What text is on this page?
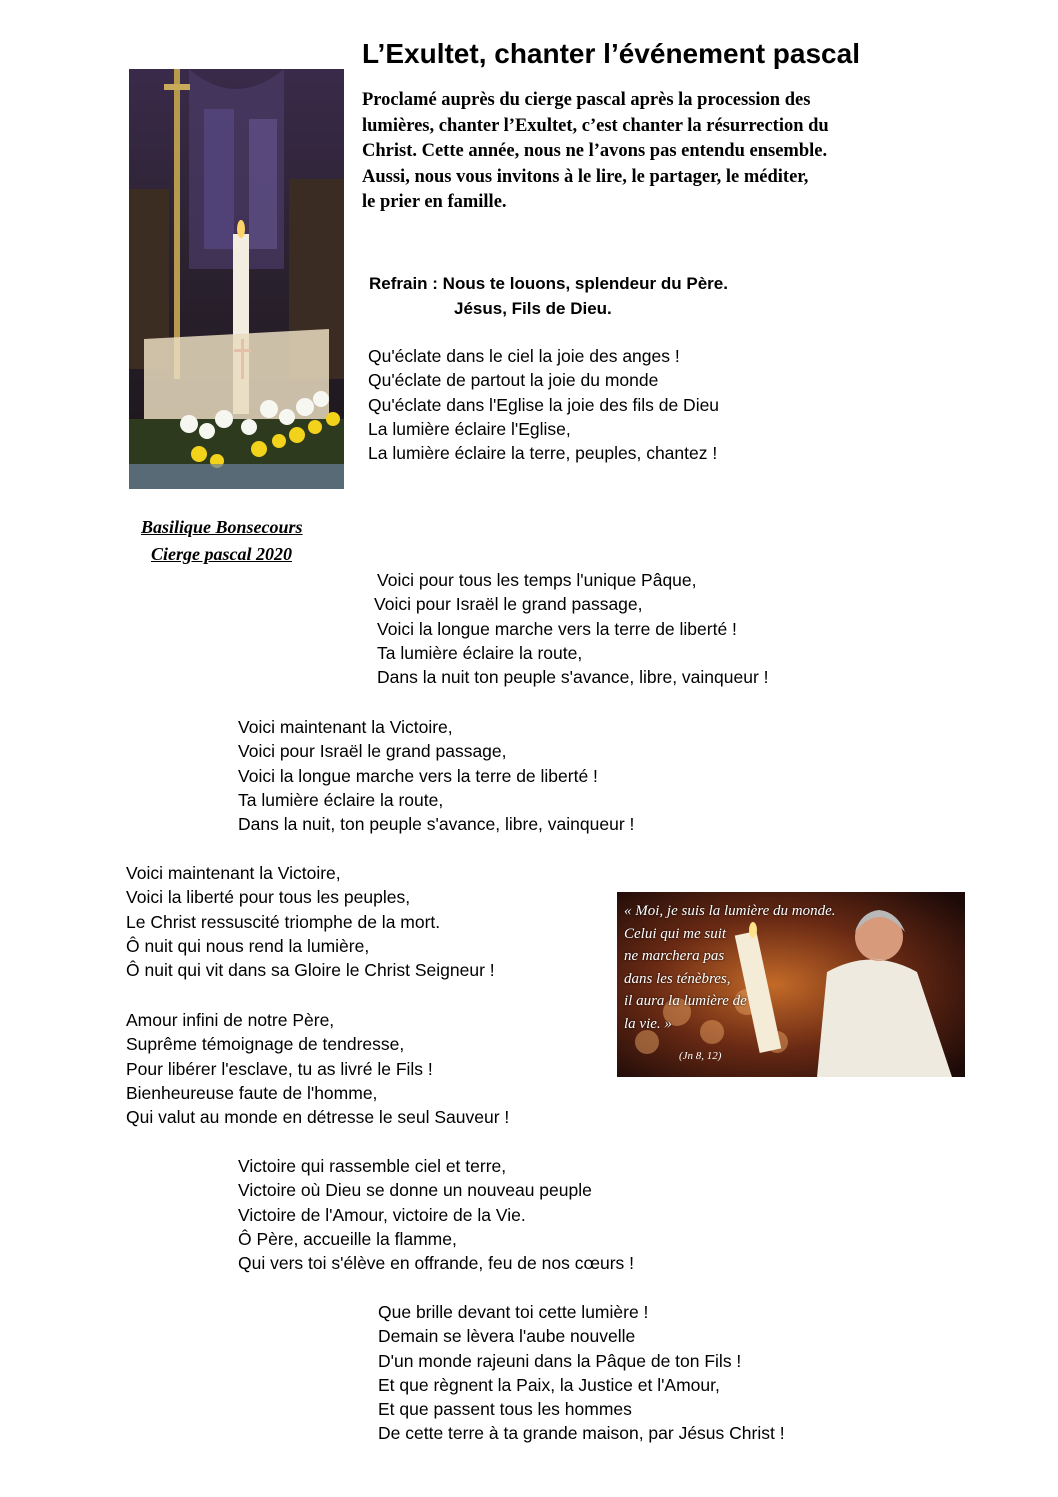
L’Exultet, chanter l’événement pascal
Proclamé auprès du cierge pascal après la procession des
lumières, chanter l’Exultet, c’est chanter la résurrection du
Christ. Cette année, nous ne l’avons pas entendu ensemble.
Aussi, nous vous invitons à le lire, le partager, le méditer,
le prier en famille.
Basilique Bonsecours
Cierge pascal 2020
Refrain : Nous te louons, splendeur du Père.
Jésus, Fils de Dieu.
Qu'éclate dans le ciel la joie des anges !
Qu'éclate de partout la joie du monde
Qu'éclate dans l'Eglise la joie des fils de Dieu
La lumière éclaire l'Eglise,
La lumière éclaire la terre, peuples, chantez !
Voici pour tous les temps l'unique Pâque,
Voici pour Israël le grand passage,
Voici la longue marche vers la terre de liberté !
Ta lumière éclaire la route,
Dans la nuit ton peuple s'avance, libre, vainqueur !
Voici maintenant la Victoire,
Voici pour Israël le grand passage,
Voici la longue marche vers la terre de liberté !
Ta lumière éclaire la route,
Dans la nuit, ton peuple s'avance, libre, vainqueur !
Voici maintenant la Victoire,
Voici la liberté pour tous les peuples,
Le Christ ressuscité triomphe de la mort.
Ô nuit qui nous rend la lumière,
Ô nuit qui vit dans sa Gloire le Christ Seigneur !
Amour infini de notre Père,
Suprême témoignage de tendresse,
Pour libérer l'esclave, tu as livré le Fils !
Bienheureuse faute de l'homme,
Qui valut au monde en détresse le seul Sauveur !
Victoire qui rassemble ciel et terre,
Victoire où Dieu se donne un nouveau peuple
Victoire de l'Amour, victoire de la Vie.
Ô Père, accueille la flamme,
Qui vers toi s'élève en offrande, feu de nos cœurs !
Que brille devant toi cette lumière !
Demain se lèvera l'aube nouvelle
D'un monde rajeuni dans la Pâque de ton Fils !
Et que règnent la Paix, la Justice et l'Amour,
Et que passent tous les hommes
De cette terre à ta grande maison, par Jésus Christ !
« Moi, je suis la lumière du monde.
Celui qui me suit
ne marchera pas
dans les ténèbres,
il aura la lumière de
la vie. »
(Jn 8, 12)
